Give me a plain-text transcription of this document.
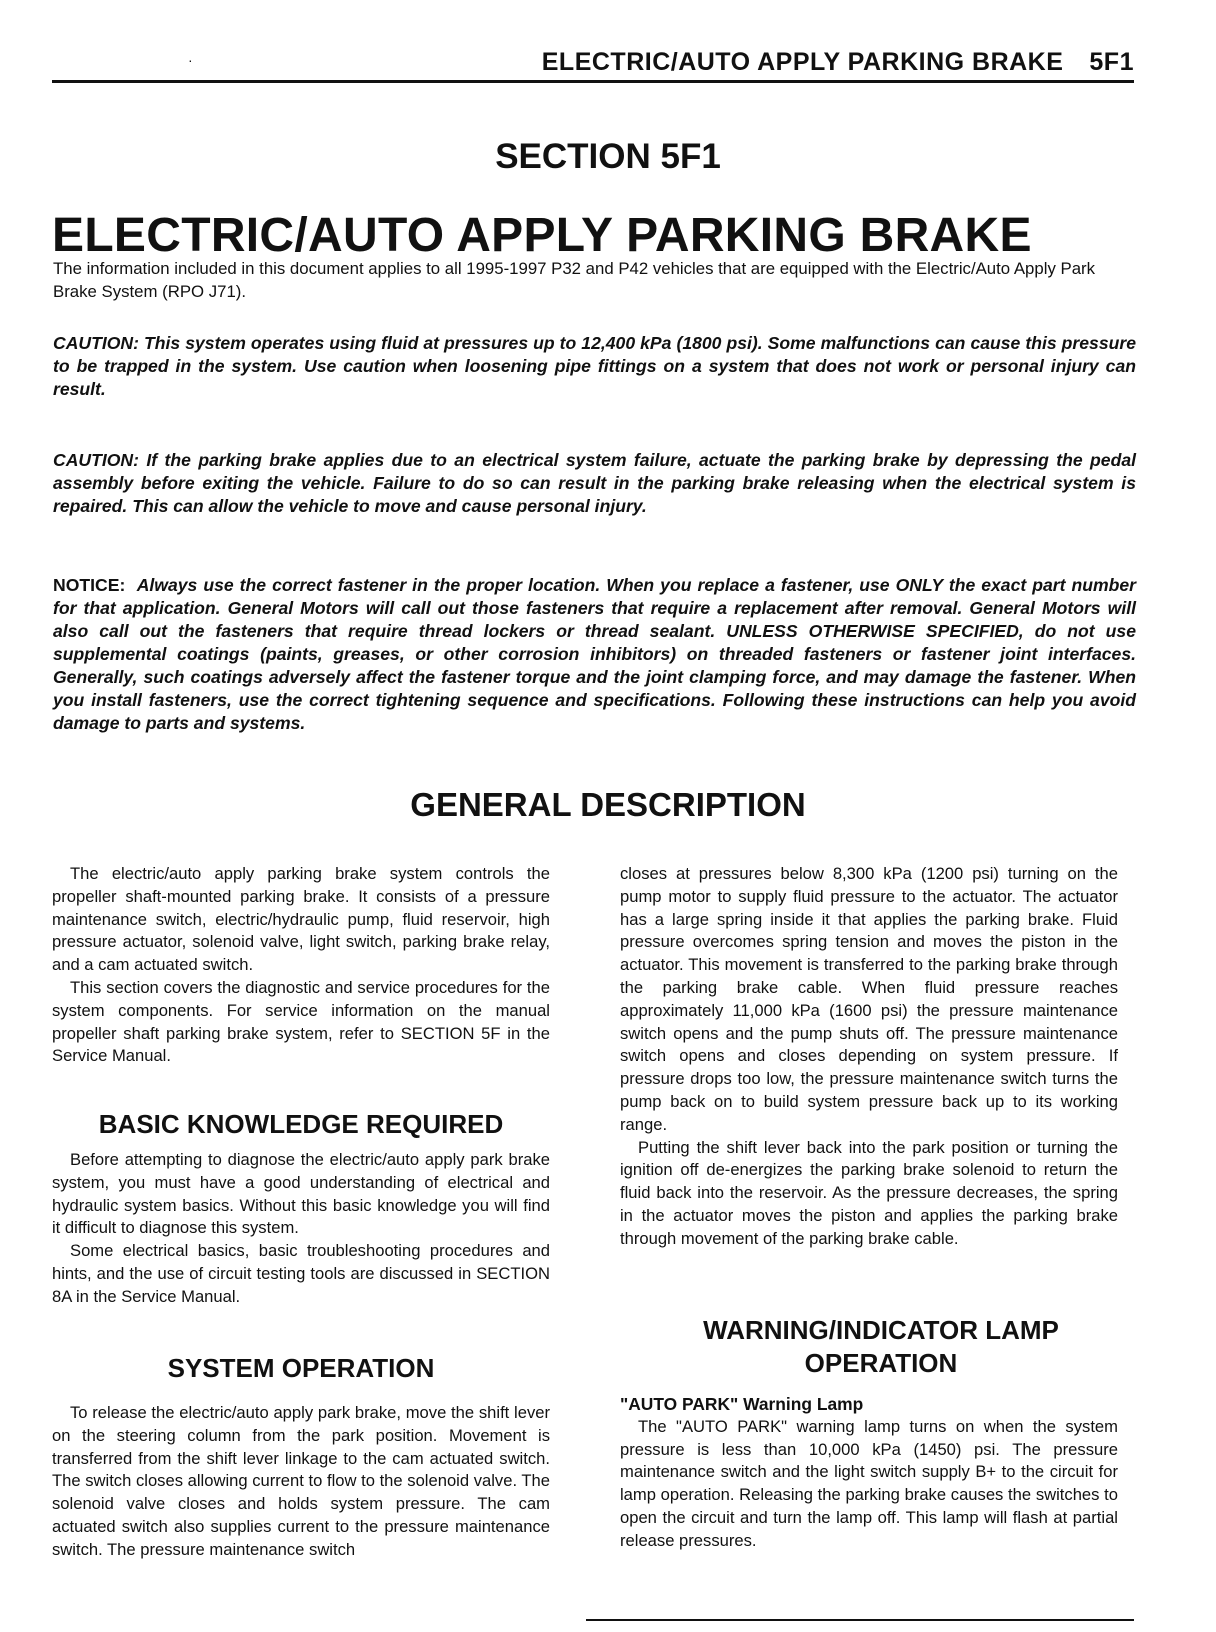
·	ELECTRIC/AUTO APPLY PARKING BRAKE 5F1
SECTION 5F1
ELECTRIC/AUTO APPLY PARKING BRAKE
The information included in this document applies to all 1995-1997 P32 and P42 vehicles that are equipped with the Electric/Auto Apply Park Brake System (RPO J71).
CAUTION: This system operates using fluid at pressures up to 12,400 kPa (1800 psi). Some malfunctions can cause this pressure to be trapped in the system. Use caution when loosening pipe fittings on a system that does not work or personal injury can result.
CAUTION: If the parking brake applies due to an electrical system failure, actuate the parking brake by depressing the pedal assembly before exiting the vehicle. Failure to do so can result in the parking brake releasing when the electrical system is repaired. This can allow the vehicle to move and cause personal injury.
NOTICE: Always use the correct fastener in the proper location. When you replace a fastener, use ONLY the exact part number for that application. General Motors will call out those fasteners that require a replacement after removal. General Motors will also call out the fasteners that require thread lockers or thread sealant. UNLESS OTHERWISE SPECIFIED, do not use supplemental coatings (paints, greases, or other corrosion inhibitors) on threaded fasteners or fastener joint interfaces. Generally, such coatings adversely affect the fastener torque and the joint clamping force, and may damage the fastener. When you install fasteners, use the correct tightening sequence and specifications. Following these instructions can help you avoid damage to parts and systems.
GENERAL DESCRIPTION

The electric/auto apply parking brake system controls the propeller shaft-mounted parking brake. It consists of a pressure maintenance switch, electric/hydraulic pump, fluid reservoir, high pressure actuator, solenoid valve, light switch, parking brake relay, and a cam actuated switch.

This section covers the diagnostic and service procedures for the system components. For service information on the manual propeller shaft parking brake system, refer to SECTION 5F in the Service Manual.

BASIC KNOWLEDGE REQUIRED

Before attempting to diagnose the electric/auto apply park brake system, you must have a good understanding of electrical and hydraulic system basics. Without this basic knowledge you will find it difficult to diagnose this system.

Some electrical basics, basic troubleshooting procedures and hints, and the use of circuit testing tools are discussed in SECTION 8A in the Service Manual.

SYSTEM OPERATION

To release the electric/auto apply park brake, move the shift lever on the steering column from the park position. Movement is transferred from the shift lever linkage to the cam actuated switch. The switch closes allowing current to flow to the solenoid valve. The solenoid valve closes and holds system pressure. The cam actuated switch also supplies current to the pressure maintenance switch. The pressure maintenance switch

closes at pressures below 8,300 kPa (1200 psi) turning on the pump motor to supply fluid pressure to the actuator. The actuator has a large spring inside it that applies the parking brake. Fluid pressure overcomes spring tension and moves the piston in the actuator. This movement is transferred to the parking brake through the parking brake cable. When fluid pressure reaches approximately 11,000 kPa (1600 psi) the pressure maintenance switch opens and the pump shuts off. The pressure maintenance switch opens and closes depending on system pressure. If pressure drops too low, the pressure maintenance switch turns the pump back on to build system pressure back up to its working range.

Putting the shift lever back into the park position or turning the ignition off de-energizes the parking brake solenoid to return the fluid back into the reservoir. As the pressure decreases, the spring in the actuator moves the piston and applies the parking brake through movement of the parking brake cable.

WARNING/INDICATOR LAMP
OPERATION

"AUTO PARK" Warning Lamp

The "AUTO PARK" warning lamp turns on when the system pressure is less than 10,000 kPa (1450) psi. The pressure maintenance switch and the light switch supply B+ to the circuit for lamp operation. Releasing the parking brake causes the switches to open the circuit and turn the lamp off. This lamp will flash at partial release pressures.
